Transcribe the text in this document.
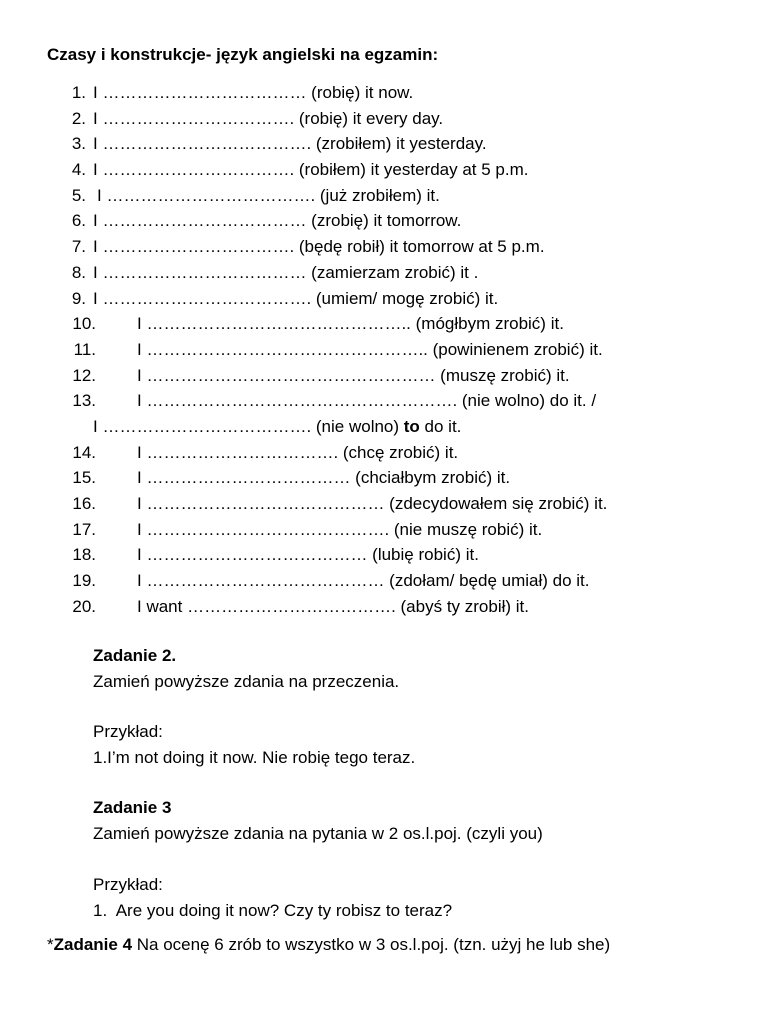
Czasy i konstrukcje- język angielski na egzamin:
1. I ……………………………… (robię) it now.
2. I ……………………………. (robię) it every day.
3. I ………………………………. (zrobiłem) it yesterday.
4. I ……………………………. (robiłem) it yesterday at 5 p.m.
5. I ………………………………. (już zrobiłem) it.
6. I ……………………………… (zrobię) it tomorrow.
7. I ……………………………. (będę robił) it tomorrow at 5 p.m.
8. I ……………………………… (zamierzam zrobić) it .
9. I ………………………………. (umiem/ mogę zrobić) it.
10. I ……………………………………….. (mógłbym zrobić) it.
11. I ………………………………………….. (powinienem zrobić) it.
12. I …………………………………………… (muszę zrobić) it.
13. I ………………………………………………. (nie wolno) do it. /
I ………………………………. (nie wolno) to do it.
14. I ……………………………. (chcę zrobić) it.
15. I ……………………………… (chciałbym zrobić) it.
16. I …………………………………… (zdecydowałem się zrobić) it.
17. I ……………………………………. (nie muszę robić) it.
18. I ………………………………… (lubię robić) it.
19. I …………………………………… (zdołam/ będę umiał) do it.
20. I want ………………………………. (abyś ty zrobił) it.
Zadanie 2.
Zamień powyższe zdania na przeczenia.
Przykład:
1.I’m not doing it now. Nie robię tego teraz.
Zadanie 3
Zamień powyższe zdania na pytania w 2 os.l.poj. (czyli you)
Przykład:
1. Are you doing it now? Czy ty robisz to teraz?
*Zadanie 4 Na ocenę 6 zrób to wszystko w 3 os.l.poj. (tzn. użyj he lub she)
